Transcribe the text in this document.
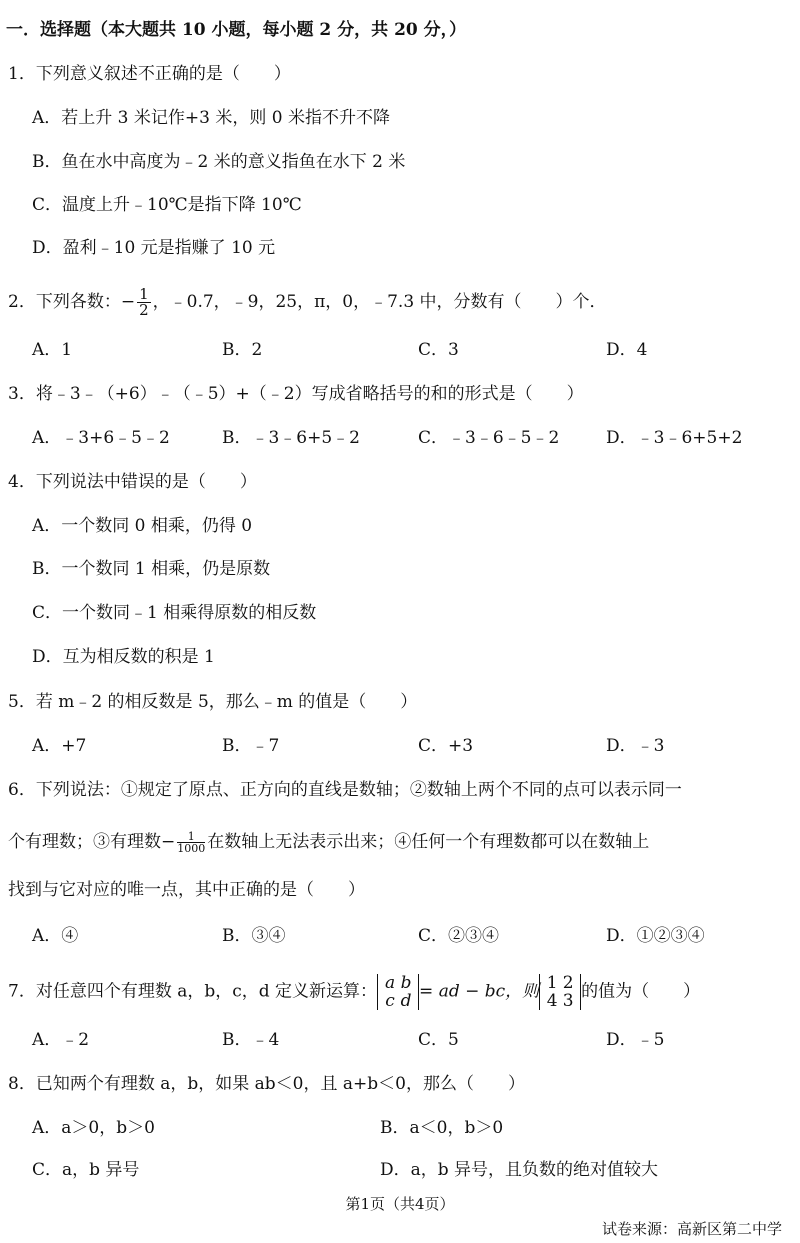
一．选择题（本大题共 10 小题，每小题 2 分，共 20 分，）
1．下列意义叙述不正确的是（　　）
A．若上升 3 米记作+3 米，则 0 米指不升不降
B．鱼在水中高度为﹣2 米的意义指鱼在水下 2 米
C．温度上升﹣10℃是指下降 10℃
D．盈利﹣10 元是指赚了 10 元
2．下列各数：− $\frac{1}{2}$ ，﹣0.7，﹣9，25，π，0，﹣7.3 中，分数有（　　）个．
A．1	B．2	C．3	D．4
3．将﹣3﹣（+6）﹣（﹣5）+（﹣2）写成省略括号的和的形式是（　　）
A．﹣3+6﹣5﹣2	B．﹣3﹣6+5﹣2	C．﹣3﹣6﹣5﹣2	D．﹣3﹣6+5+2
4．下列说法中错误的是（　　）
A．一个数同 0 相乘，仍得 0
B．一个数同 1 相乘，仍是原数
C．一个数同﹣1 相乘得原数的相反数
D．互为相反数的积是 1
5．若 m﹣2 的相反数是 5，那么﹣m 的值是（　　）
A．+7	B．﹣7	C．+3	D．﹣3
6．下列说法：①规定了原点、正方向的直线是数轴；②数轴上两个不同的点可以表示同一
个有理数；③有理数− $\frac{1}{1000}$ 在数轴上无法表示出来；④任何一个有理数都可以在数轴上
找到与它对应的唯一点，其中正确的是（　　）
A．④	B．③④	C．②③④	D．①②③④
7．对任意四个有理数 a，b，c，d 定义新运算： a b
c d = ad − bc，则 1 2
4 3 的值为（　　）
A．﹣2	B．﹣4	C．5	D．﹣5
8．已知两个有理数 a，b，如果 ab＜0，且 a+b＜0，那么（　　）
A．a＞0，b＞0	B．a＜0，b＞0
C．a，b 异号	D．a，b 异号，且负数的绝对值较大
第1页（共4页）
试卷来源：高新区第二中学
